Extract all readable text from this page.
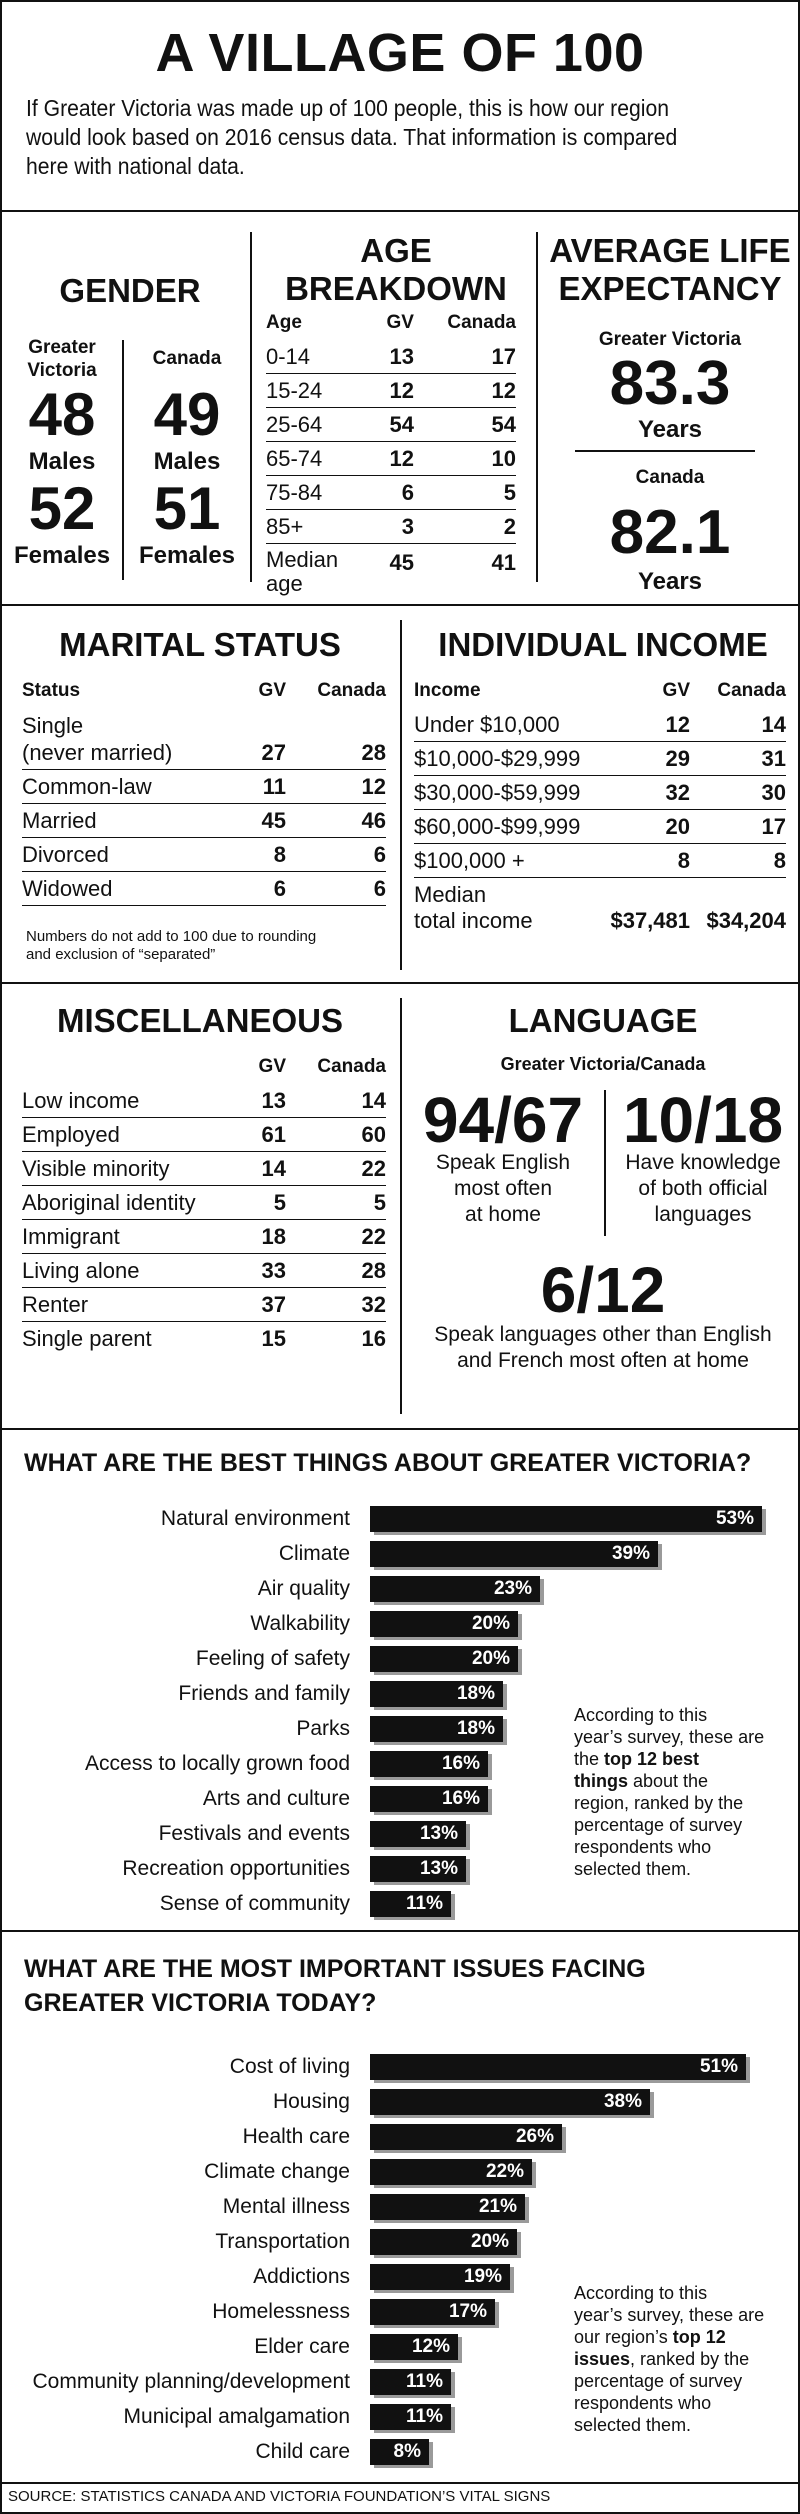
A VILLAGE OF 100
If Greater Victoria was made up of 100 people, this is how our region would look based on 2016 census data. That information is compared here with national data.
GENDER
Greater
Victoria
48
Males
52
Females
Canada
49
Males
51
Females
AGE
BREAKDOWN
Age	GV	Canada
0-14	13	17
15-24	12	12
25-64	54	54
65-74	12	10
75-84	6	5
85+	3	2

Median
age	45	41
AVERAGE LIFE
EXPECTANCY
Greater Victoria
83.3
Years
Canada
82.1
Years
MARITAL STATUS
Status	GV	Canada

Single
(never married)	27	28
Common-law	11	12
Married	45	46
Divorced	8	6
Widowed	6	6
Numbers do not add to 100 due to rounding
and exclusion of “separated”
INDIVIDUAL INCOME
Income	GV	Canada
Under $10,000	12	14
$10,000-$29,999	29	31
$30,000-$59,999	32	30
$60,000-$99,999	20	17
$100,000 +	8	8

Median
total income	$37,481	$34,204
MISCELLANEOUS
	GV	Canada
Low income	13	14
Employed	61	60
Visible minority	14	22
Aboriginal identity	5	5
Immigrant	18	22
Living alone	33	28
Renter	37	32
Single parent	15	16
LANGUAGE
Greater Victoria/Canada
94/67
Speak English
most often
at home
10/18
Have knowledge
of both official
languages
6/12
Speak languages other than English
and French most often at home
WHAT ARE THE BEST THINGS ABOUT GREATER VICTORIA?
Natural environment	53%
Climate	39%
Air quality	23%
Walkability	20%
Feeling of safety	20%
Friends and family	18%
Parks	18%
Access to locally grown food	16%
Arts and culture	16%
Festivals and events	13%
Recreation opportunities	13%
Sense of community	11%
According to this
year’s survey, these are
the top 12 best
things about the
region, ranked by the
percentage of survey
respondents who
selected them.
WHAT ARE THE MOST IMPORTANT ISSUES FACING
GREATER VICTORIA TODAY?
Cost of living	51%
Housing	38%
Health care	26%
Climate change	22%
Mental illness	21%
Transportation	20%
Addictions	19%
Homelessness	17%
Elder care	12%
Community planning/development	11%
Municipal amalgamation	11%
Child care 8%
According to this
year’s survey, these are
our region’s top 12
issues, ranked by the
percentage of survey
respondents who
selected them.
SOURCE: STATISTICS CANADA AND VICTORIA FOUNDATION’S VITAL SIGNS
